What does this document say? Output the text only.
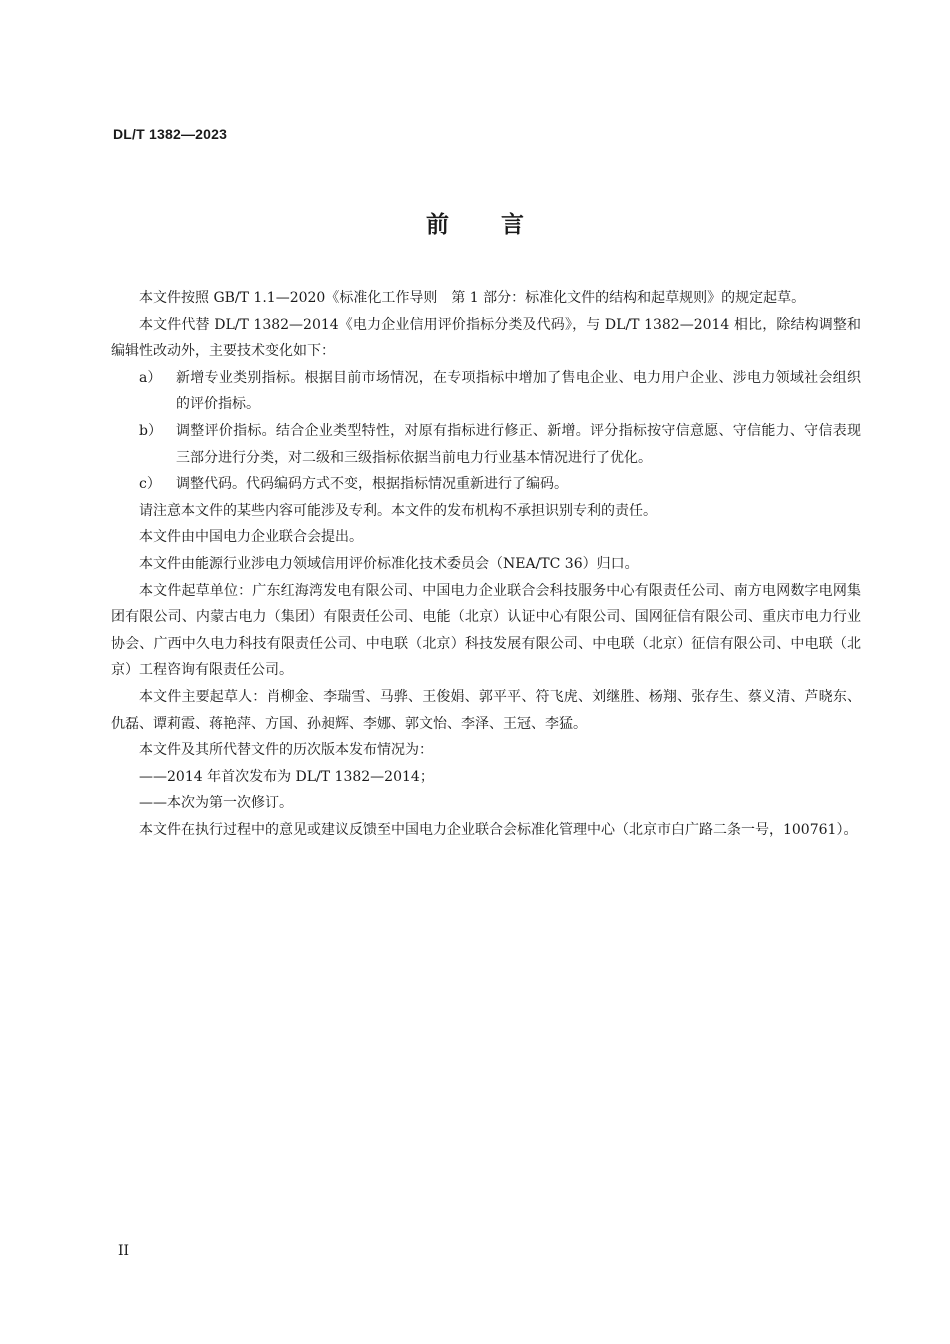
DL/T 1382—2023
前 言

本文件按照 GB/T 1.1—2020《标准化工作导则　第 1 部分：标准化文件的结构和起草规则》的规定起草。

本文件代替 DL/T 1382—2014《电力企业信用评价指标分类及代码》，与 DL/T 1382—2014 相比，除结构调整和编辑性改动外，主要技术变化如下：

a）	新增专业类别指标。根据目前市场情况，在专项指标中增加了售电企业、电力用户企业、涉电力领域社会组织的评价指标。
b）	调整评价指标。结合企业类型特性，对原有指标进行修正、新增。评分指标按守信意愿、守信能力、守信表现三部分进行分类，对二级和三级指标依据当前电力行业基本情况进行了优化。
c）	调整代码。代码编码方式不变，根据指标情况重新进行了编码。

请注意本文件的某些内容可能涉及专利。本文件的发布机构不承担识别专利的责任。

本文件由中国电力企业联合会提出。

本文件由能源行业涉电力领域信用评价标准化技术委员会（NEA/TC 36）归口。

本文件起草单位：广东红海湾发电有限公司、中国电力企业联合会科技服务中心有限责任公司、南方电网数字电网集团有限公司、内蒙古电力（集团）有限责任公司、电能（北京）认证中心有限公司、国网征信有限公司、重庆市电力行业协会、广西中久电力科技有限责任公司、中电联（北京）科技发展有限公司、中电联（北京）征信有限公司、中电联（北京）工程咨询有限责任公司。

本文件主要起草人：肖柳金、李瑞雪、马骅、王俊娟、郭平平、符飞虎、刘继胜、杨翔、张存生、蔡义清、芦晓东、仇磊、谭莉霞、蒋艳萍、方国、孙昶辉、李娜、郭文怡、李泽、王冠、李猛。

本文件及其所代替文件的历次版本发布情况为：

——2014 年首次发布为 DL/T 1382—2014；
——本次为第一次修订。

本文件在执行过程中的意见或建议反馈至中国电力企业联合会标准化管理中心（北京市白广路二条一号，100761）。

II
